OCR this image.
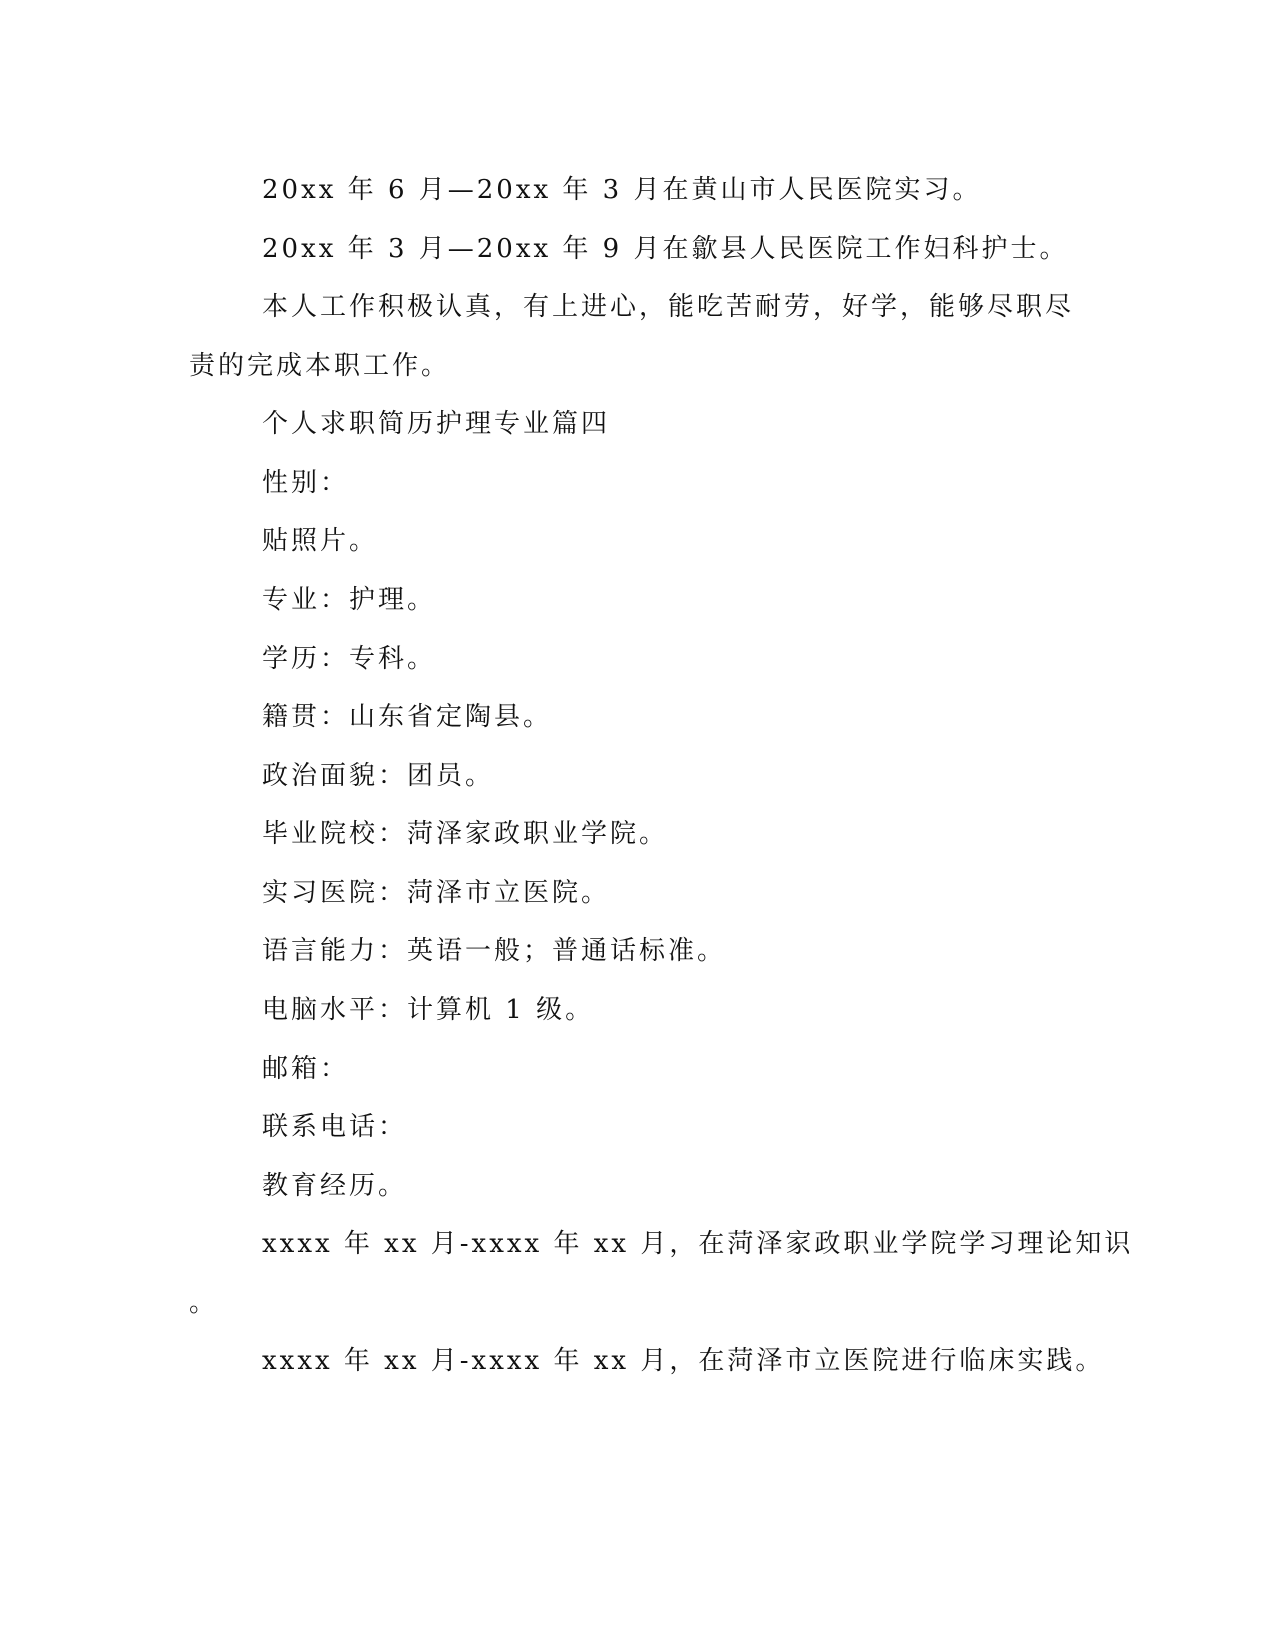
20xx 年 6 月—20xx 年 3 月在黄山市人民医院实习。
20xx 年 3 月—20xx 年 9 月在歙县人民医院工作妇科护士。
本人工作积极认真，有上进心，能吃苦耐劳，好学，能够尽职尽
责的完成本职工作。
个人求职简历护理专业篇四
性别：
贴照片。
专业：护理。
学历：专科。
籍贯：山东省定陶县。
政治面貌：团员。
毕业院校：菏泽家政职业学院。
实习医院：菏泽市立医院。
语言能力：英语一般；普通话标准。
电脑水平：计算机 1 级。
邮箱：
联系电话：
教育经历。
xxxx 年 xx 月-xxxx 年 xx 月，在菏泽家政职业学院学习理论知识
。
xxxx 年 xx 月-xxxx 年 xx 月，在菏泽市立医院进行临床实践。
